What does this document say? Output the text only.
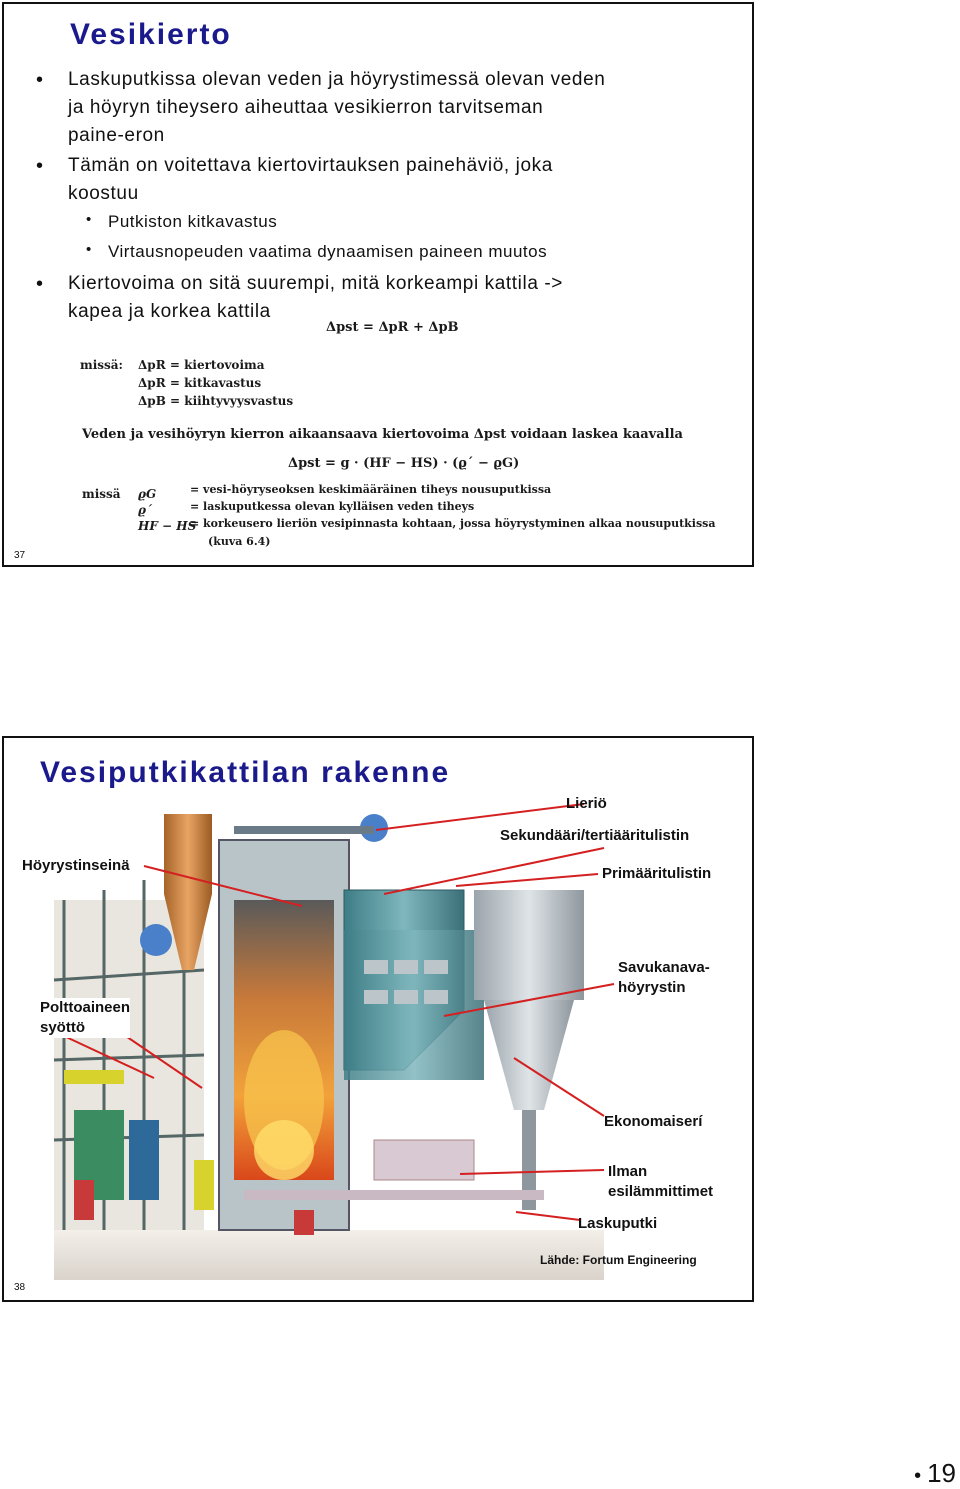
Vesikierto
• Laskuputkissa olevan veden ja höyrystimessä olevan veden
ja höyryn tiheysero aiheuttaa vesikierron tarvitseman
paine-eron
• Tämän on voitettava kiertovirtauksen painehäviö, joka
koostuu
• Putkiston kitkavastus
• Virtausnopeuden vaatima dynaamisen paineen muutos
• Kiertovoima on sitä suurempi, mitä korkeampi kattila ->
kapea ja korkea kattila
Δpst = ΔpR + ΔpB
missä: ΔpR = kiertovoima
ΔpR = kitkavastus
ΔpB = kiihtyvyysvastus
Veden ja vesihöyryn kierron aikaansaava kiertovoima Δpst voidaan laskea kaavalla
Δpst = g · (HF − HS) · (ϱ´ − ϱG)
missä ϱG
ϱ´
HF − HS
= vesi-höyryseoksen keskimääräinen tiheys nousuputkissa
= laskuputkessa olevan kylläisen veden tiheys
= korkeusero lieriön vesipinnasta kohtaan, jossa höyrystyminen alkaa nousuputkissa
(kuva 6.4)
37
Vesiputkikattilan rakenne
Lieriö
Sekundääri/tertiääritulistin
Höyrystinseinä	Primääritulistin
Savukanava-
höyrystin
Polttoaineen
syöttö
Ekonomaiserí
Ilman
esilämmittimet
Laskuputki
Lähde: Fortum Engineering
38
• 19
